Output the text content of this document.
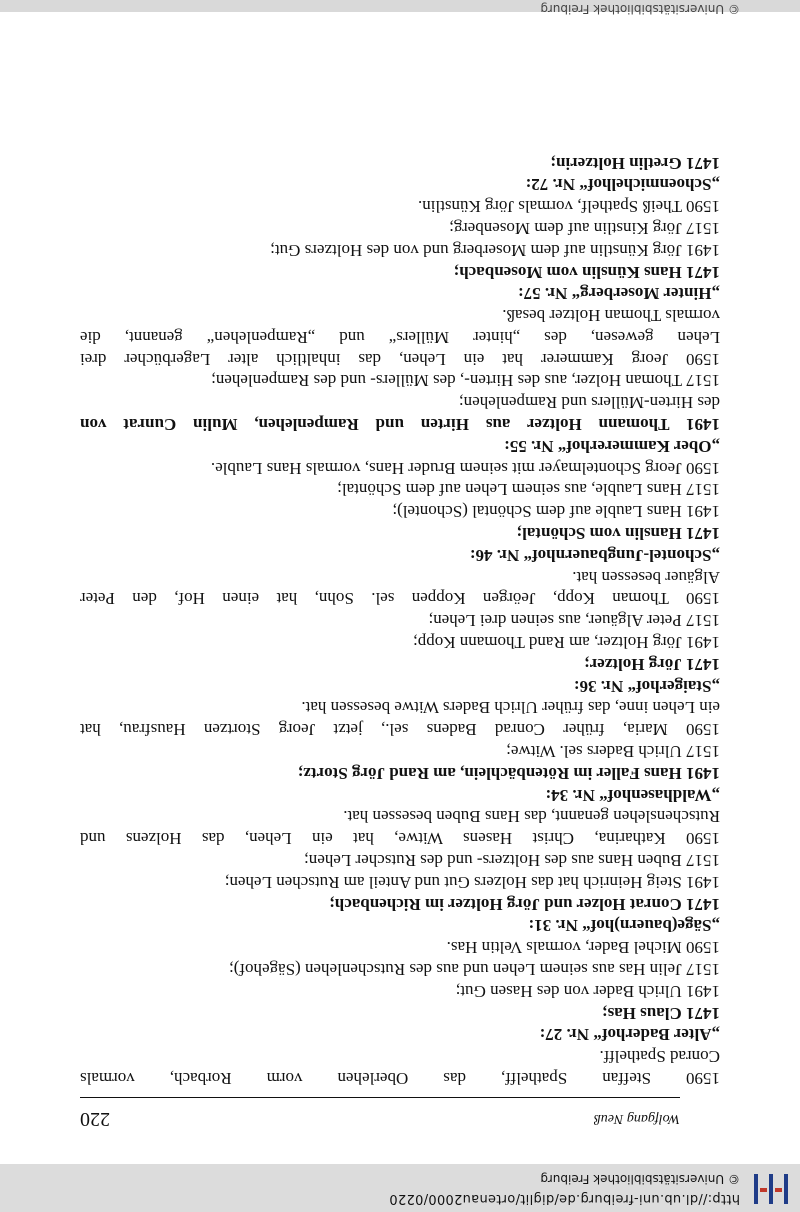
http://dl.ub.uni-freiburg.de/diglit/ortenau2000/0220
© Universitätsbibliothek Freiburg
Wolfgang Neuß
220
1590 Steffan Spathelff, das Oberlehen vorm Rorbach, vormals
Conrad Spathelff.
„Alter Baderhof“ Nr. 27:
1471 Claus Has;
1491 Ulrich Bader von des Hasen Gut;
1517 Jelin Has aus seinem Lehen und aus des Rutschenlehen (Sägehof);
1590 Michel Bader, vormals Veltin Has.
„Säge(bauern)hof“ Nr. 31:
1471 Conrat Holzer und Jörg Holtzer im Richenbach;
1491 Steig Heinrich hat das Holzers Gut und Anteil am Rutschen Lehen;
1517 Buben Hans aus des Holtzers- und des Rutscher Lehen;
1590 Katharina, Christ Hasens Witwe, hat ein Lehen, das Holzens und
Rutschenslehen genannt, das Hans Buben besessen hat.
„Waldhasenhof“ Nr. 34:
1491 Hans Faller im Rötenbächlein, am Rand Jörg Stortz;
1517 Ulrich Baders sel. Witwe;
1590 Maria, früher Conrad Badens sel., jetzt Jeorg Stortzen Hausfrau, hat
ein Lehen inne, das früher Ulrich Baders Witwe besessen hat.
„Staigerhof“ Nr. 36:
1471 Jörg Holtzer;
1491 Jörg Holtzer, am Rand Thomann Kopp;
1517 Peter Algäuer, aus seinen drei Lehen;
1590 Thoman Kopp, Jeörgen Koppen sel. Sohn, hat einen Hof, den Peter
Algäuer besessen hat.
„Schontel-Jungbauernhof“ Nr. 46:
1471 Hanslin vom Schöntal;
1491 Hans Lauble auf dem Schöntal (Schontel);
1517 Hans Laublе, aus seinem Lehen auf dem Schöntal;
1590 Jeorg Schontelmayer mit seinem Bruder Hans, vormals Hans Lauble.
„Ober Kammererhof“ Nr. 55:
1491 Thomann Holtzer aus Hirten und Rampenlehen, Mulin Cunrat von
des Hirten-Müllers und Rampenlehen;
1517 Thoman Holzer, aus des Hirten-, des Müllers- und des Rampenlehen;
1590 Jeorg Kammerer hat ein Lehen, das inhaltlich alter Lagerbücher drei
Lehen gewesen, des „hinter Müllers“ und „Rampenlehen“ genannt, die
vormals Thoman Holtzer besaß.
„Hinter Moserberg“ Nr. 57:
1471 Hans Künslin vom Mosenbach;
1491 Jörg Künstlin auf dem Moserberg und von des Holtzers Gut;
1517 Jörg Kinstlin auf dem Mosenberg;
1590 Theiß Spathelf, vormals Jörg Künstlin.
„Schoenmichelhof“ Nr. 72:
1471 Gretlin Holtzerin;
© Universitätsbibliothek Freiburg
